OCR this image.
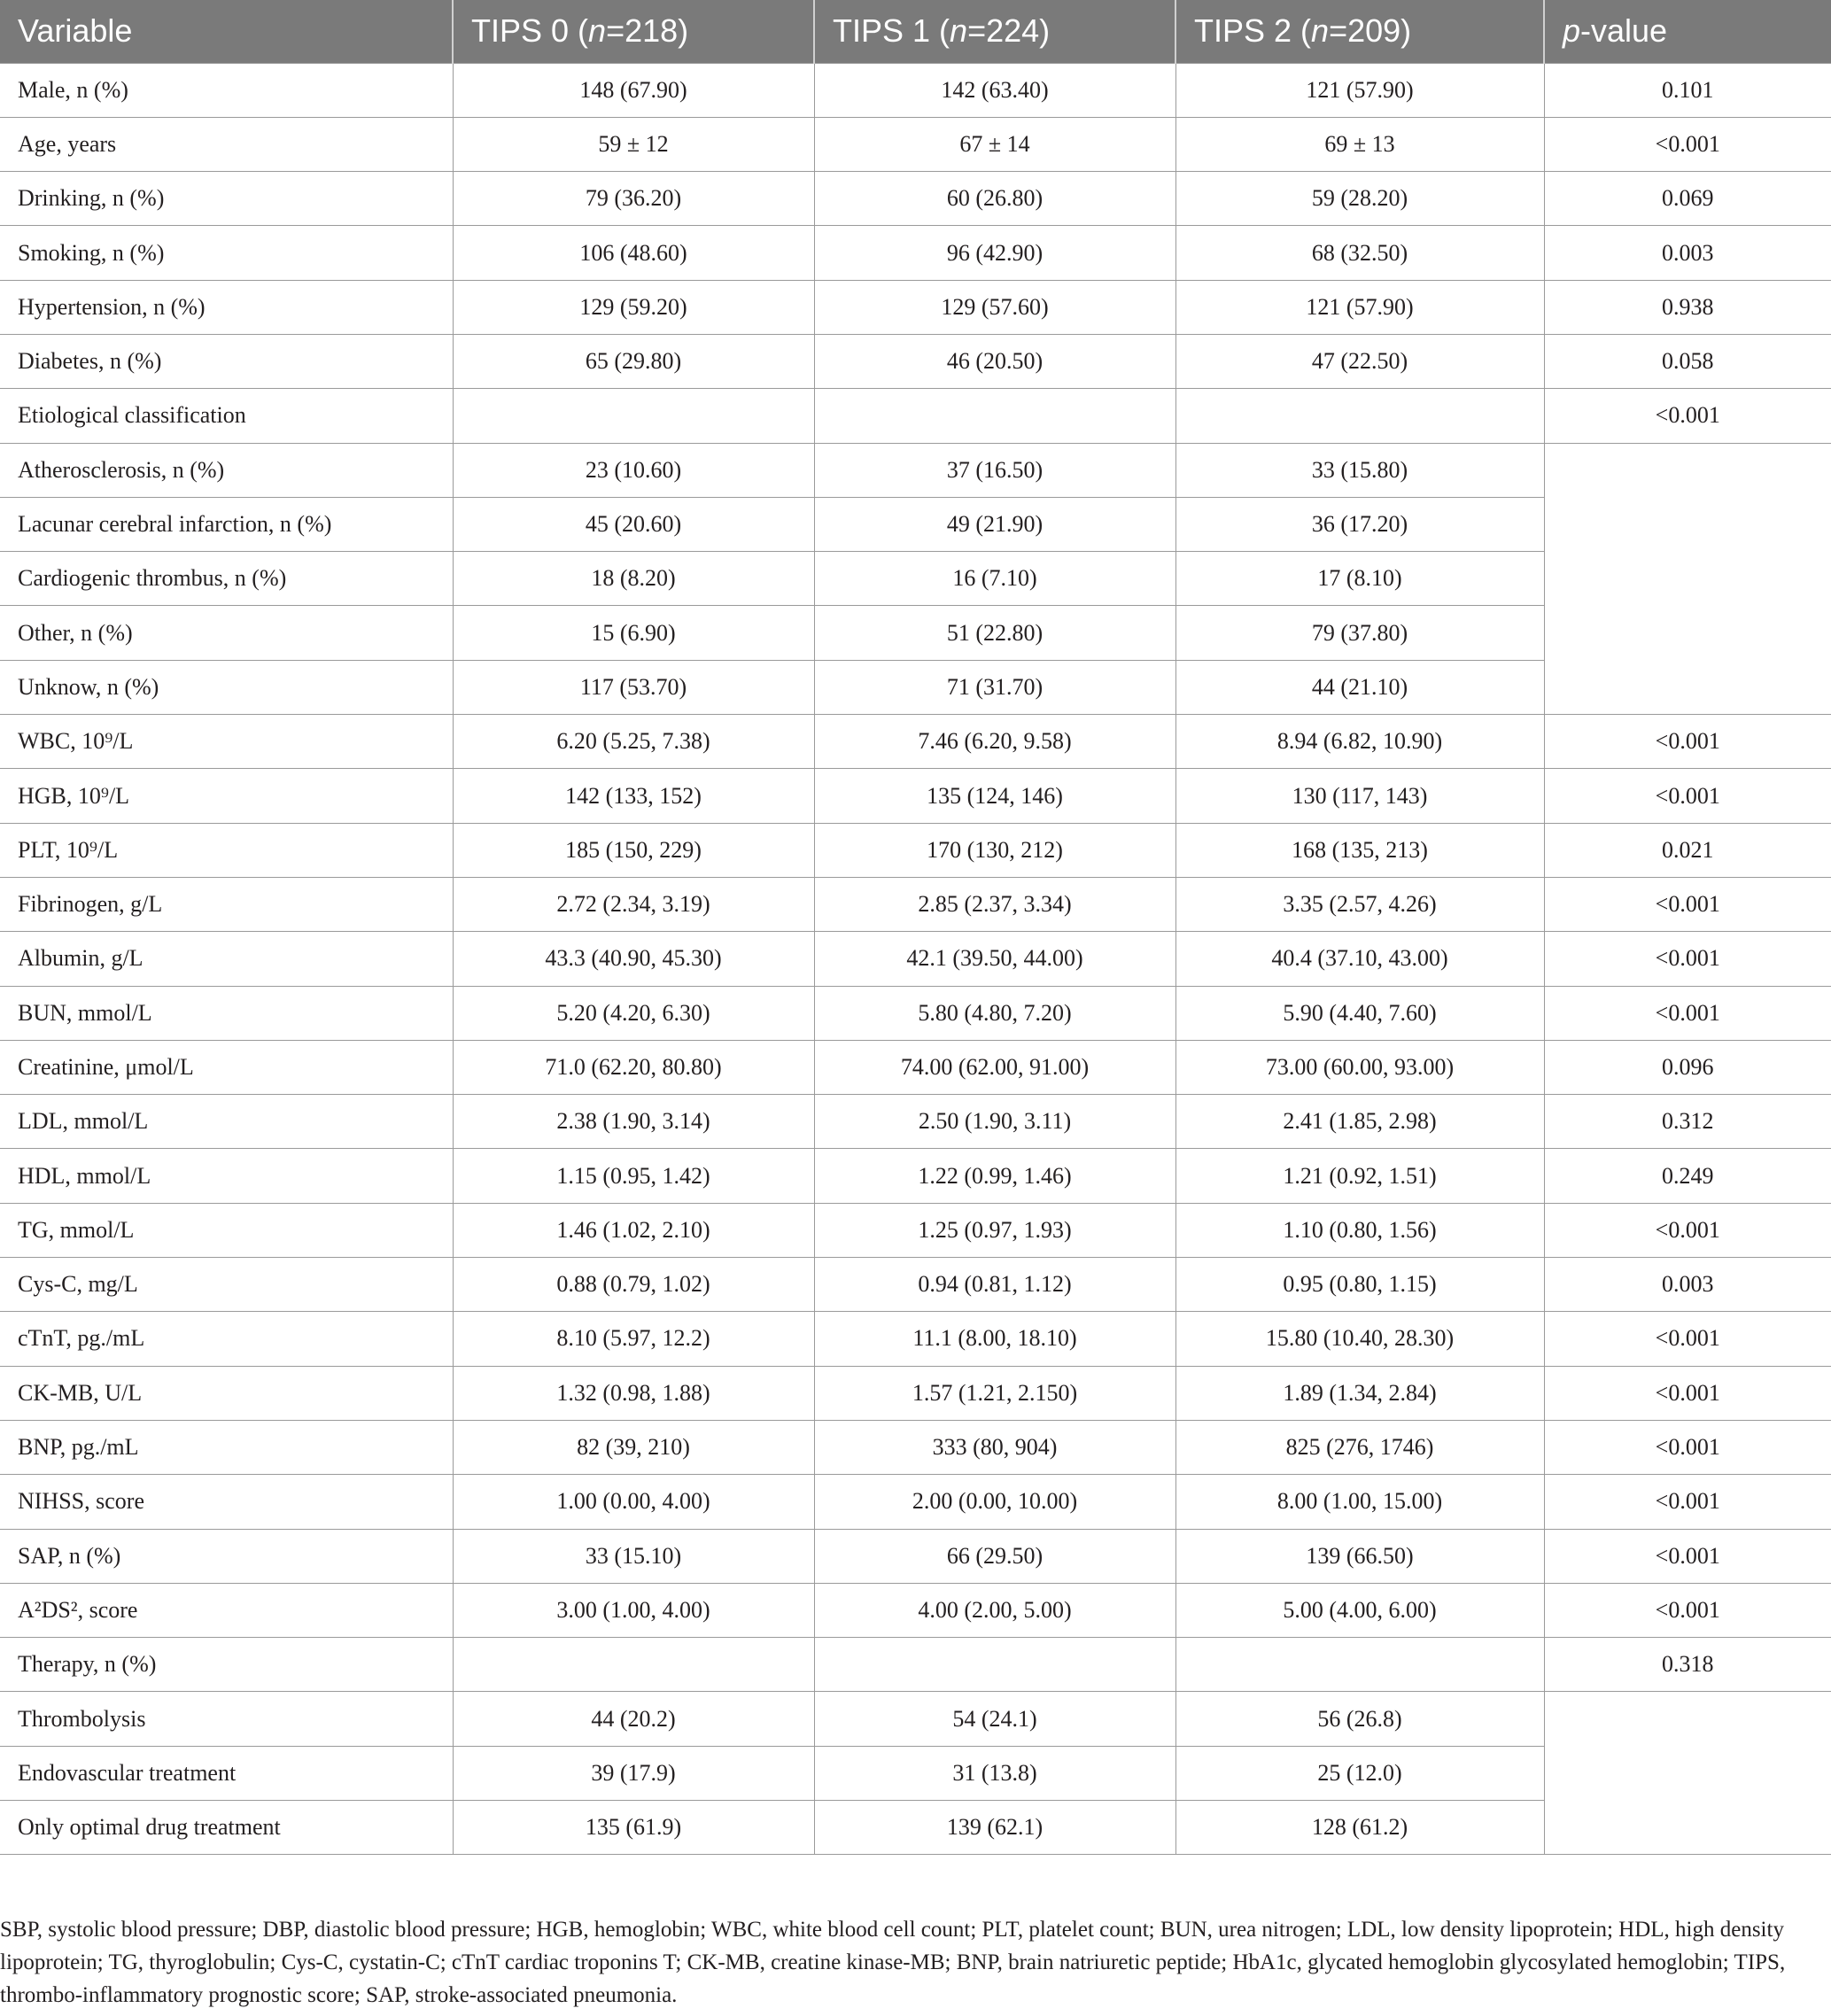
Variable	TIPS 0 (n=218)	TIPS 1 (n=224)	TIPS 2 (n=209)	p-value
Male, n (%)	148 (67.90)	142 (63.40)	121 (57.90)	0.101
Age, years	59 ± 12	67 ± 14	69 ± 13	<0.001
Drinking, n (%)	79 (36.20)	60 (26.80)	59 (28.20)	0.069
Smoking, n (%)	106 (48.60)	96 (42.90)	68 (32.50)	0.003
Hypertension, n (%)	129 (59.20)	129 (57.60)	121 (57.90)	0.938
Diabetes, n (%)	65 (29.80)	46 (20.50)	47 (22.50)	0.058
Etiological classification				<0.001
Atherosclerosis, n (%)	23 (10.60)	37 (16.50)	33 (15.80)	
Lacunar cerebral infarction, n (%)	45 (20.60)	49 (21.90)	36 (17.20)	
Cardiogenic thrombus, n (%)	18 (8.20)	16 (7.10)	17 (8.10)	
Other, n (%)	15 (6.90)	51 (22.80)	79 (37.80)	
Unknow, n (%)	117 (53.70)	71 (31.70)	44 (21.10)	
WBC, 10⁹/L	6.20 (5.25, 7.38)	7.46 (6.20, 9.58)	8.94 (6.82, 10.90)	<0.001
HGB, 10⁹/L	142 (133, 152)	135 (124, 146)	130 (117, 143)	<0.001
PLT, 10⁹/L	185 (150, 229)	170 (130, 212)	168 (135, 213)	0.021
Fibrinogen, g/L	2.72 (2.34, 3.19)	2.85 (2.37, 3.34)	3.35 (2.57, 4.26)	<0.001
Albumin, g/L	43.3 (40.90, 45.30)	42.1 (39.50, 44.00)	40.4 (37.10, 43.00)	<0.001
BUN, mmol/L	5.20 (4.20, 6.30)	5.80 (4.80, 7.20)	5.90 (4.40, 7.60)	<0.001
Creatinine, μmol/L	71.0 (62.20, 80.80)	74.00 (62.00, 91.00)	73.00 (60.00, 93.00)	0.096
LDL, mmol/L	2.38 (1.90, 3.14)	2.50 (1.90, 3.11)	2.41 (1.85, 2.98)	0.312
HDL, mmol/L	1.15 (0.95, 1.42)	1.22 (0.99, 1.46)	1.21 (0.92, 1.51)	0.249
TG, mmol/L	1.46 (1.02, 2.10)	1.25 (0.97, 1.93)	1.10 (0.80, 1.56)	<0.001
Cys-C, mg/L	0.88 (0.79, 1.02)	0.94 (0.81, 1.12)	0.95 (0.80, 1.15)	0.003
cTnT, pg./mL	8.10 (5.97, 12.2)	11.1 (8.00, 18.10)	15.80 (10.40, 28.30)	<0.001
CK-MB, U/L	1.32 (0.98, 1.88)	1.57 (1.21, 2.150)	1.89 (1.34, 2.84)	<0.001
BNP, pg./mL	82 (39, 210)	333 (80, 904)	825 (276, 1746)	<0.001
NIHSS, score	1.00 (0.00, 4.00)	2.00 (0.00, 10.00)	8.00 (1.00, 15.00)	<0.001
SAP, n (%)	33 (15.10)	66 (29.50)	139 (66.50)	<0.001
A²DS², score	3.00 (1.00, 4.00)	4.00 (2.00, 5.00)	5.00 (4.00, 6.00)	<0.001
Therapy, n (%)				0.318
Thrombolysis	44 (20.2)	54 (24.1)	56 (26.8)	
Endovascular treatment	39 (17.9)	31 (13.8)	25 (12.0)	
Only optimal drug treatment	135 (61.9)	139 (62.1)	128 (61.2)	
SBP, systolic blood pressure; DBP, diastolic blood pressure; HGB, hemoglobin; WBC, white blood cell count; PLT, platelet count; BUN, urea nitrogen; LDL, low density lipoprotein; HDL, high density lipoprotein; TG, thyroglobulin; Cys-C, cystatin-C; cTnT cardiac troponins T; CK-MB, creatine kinase-MB; BNP, brain natriuretic peptide; HbA1c, glycated hemoglobin glycosylated hemoglobin; TIPS, thrombo-inflammatory prognostic score; SAP, stroke-associated pneumonia.
